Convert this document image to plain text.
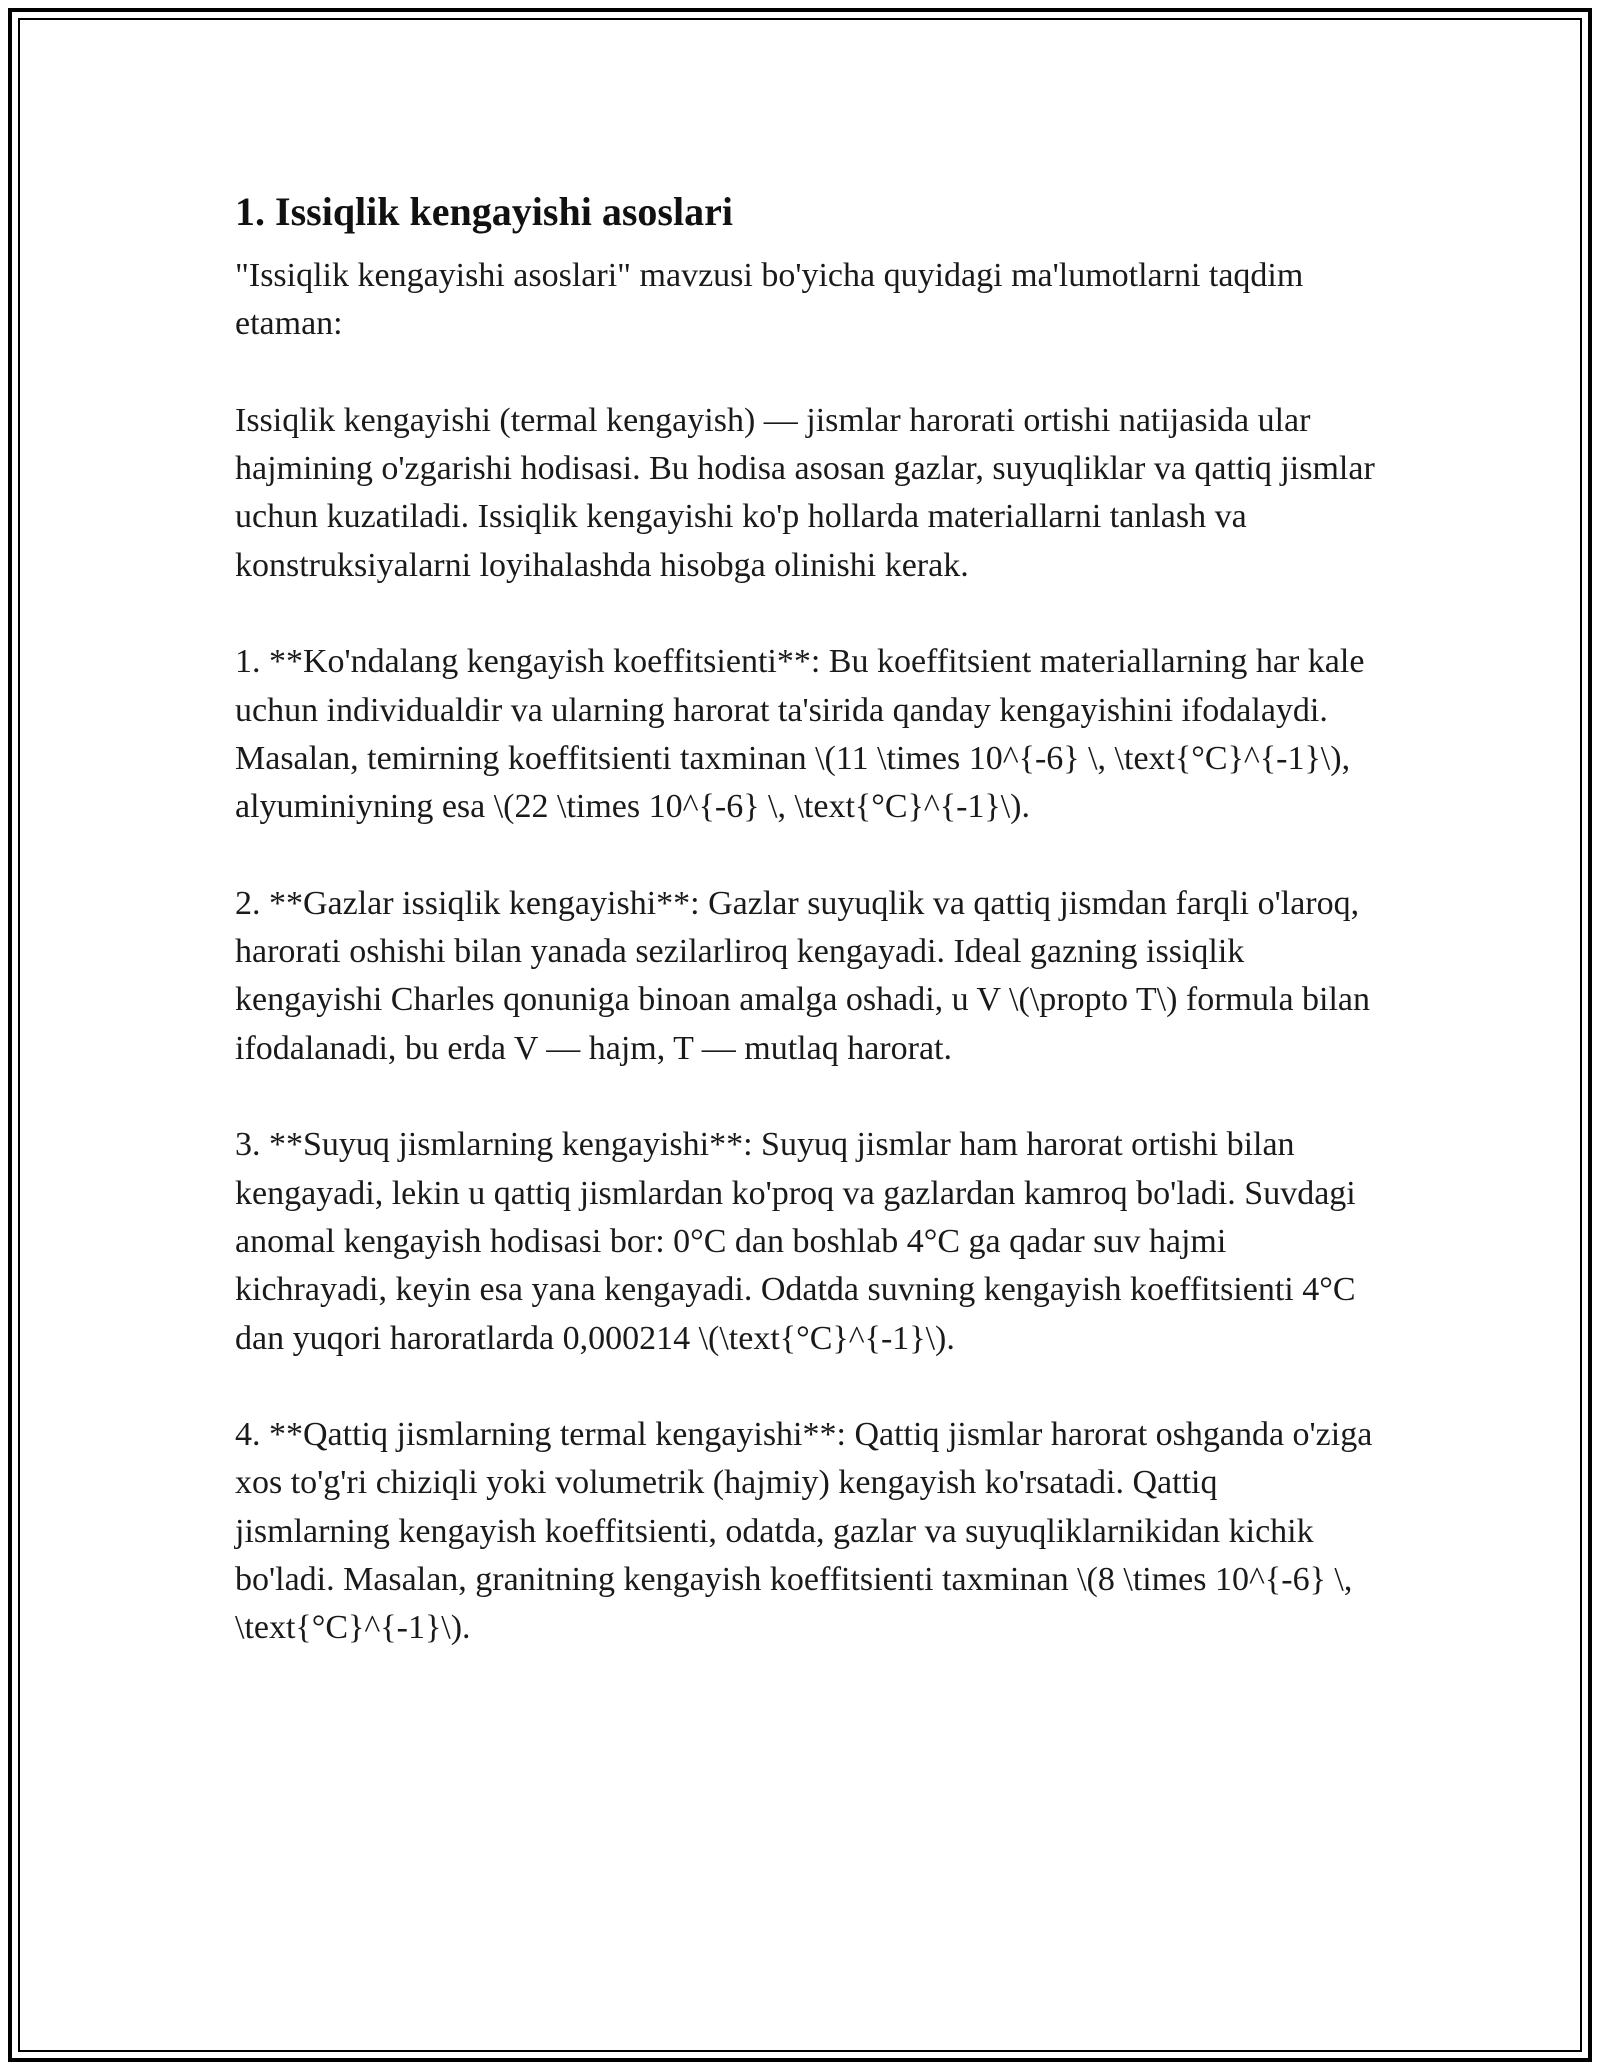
1. Issiqlik kengayishi asoslari

"Issiqlik kengayishi asoslari" mavzusi bo'yicha quyidagi ma'lumotlarni taqdim etaman:

Issiqlik kengayishi (termal kengayish) — jismlar harorati ortishi natijasida ular hajmining o'zgarishi hodisasi. Bu hodisa asosan gazlar, suyuqliklar va qattiq jismlar uchun kuzatiladi. Issiqlik kengayishi ko'p hollarda materiallarni tanlash va konstruksiyalarni loyihalashda hisobga olinishi kerak.

1. **Ko'ndalang kengayish koeffitsienti**: Bu koeffitsient materiallarning har kale uchun individualdir va ularning harorat ta'sirida qanday kengayishini ifodalaydi. Masalan, temirning koeffitsienti taxminan \(11 \times 10^{-6} \, \text{°C}^{-1}\), alyuminiyning esa \(22 \times 10^{-6} \, \text{°C}^{-1}\).

2. **Gazlar issiqlik kengayishi**: Gazlar suyuqlik va qattiq jismdan farqli o'laroq, harorati oshishi bilan yanada sezilarliroq kengayadi. Ideal gazning issiqlik kengayishi Charles qonuniga binoan amalga oshadi, u V \(\propto T\) formula bilan ifodalanadi, bu erda V — hajm, T — mutlaq harorat.

3. **Suyuq jismlarning kengayishi**: Suyuq jismlar ham harorat ortishi bilan kengayadi, lekin u qattiq jismlardan ko'proq va gazlardan kamroq bo'ladi. Suvdagi anomal kengayish hodisasi bor: 0°C dan boshlab 4°C ga qadar suv hajmi kichrayadi, keyin esa yana kengayadi. Odatda suvning kengayish koeffitsienti 4°C dan yuqori haroratlarda 0,000214 \(\text{°C}^{-1}\).

4. **Qattiq jismlarning termal kengayishi**: Qattiq jismlar harorat oshganda o'ziga xos to'g'ri chiziqli yoki volumetrik (hajmiy) kengayish ko'rsatadi. Qattiq jismlarning kengayish koeffitsienti, odatda, gazlar va suyuqliklarnikidan kichik bo'ladi. Masalan, granitning kengayish koeffitsienti taxminan \(8 \times 10^{-6} \, \text{°C}^{-1}\).
